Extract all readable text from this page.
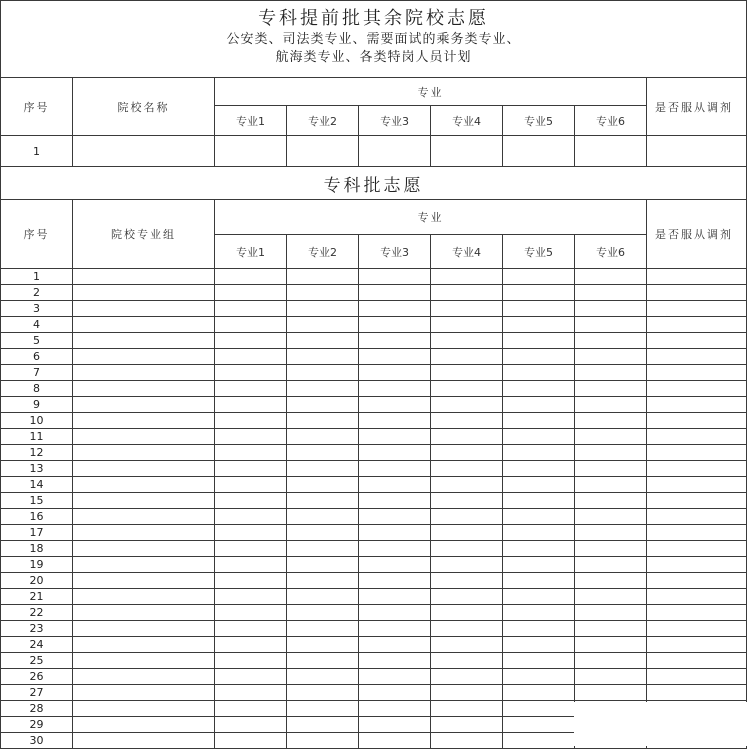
专科提前批其余院校志愿
公安类、司法类专业、需要面试的乘务类专业、
航海类专业、各类特岗人员计划								

序号	院校名称	专业						是否服从调剂
		专业1	专业2	专业3	专业4	专业5	专业6	
1								
专科批志愿								
序号	院校专业组	专业						是否服从调剂
		专业1	专业2	专业3	专业4	专业5	专业6	
1								
2								
3								
4								
5								
6								
7								
8								
9								
10								
11								
12								
13								
14								
15								
16								
17								
18								
19								
20								
21								
22								
23								
24								
25								
26								
27								
28								
29								
30								
